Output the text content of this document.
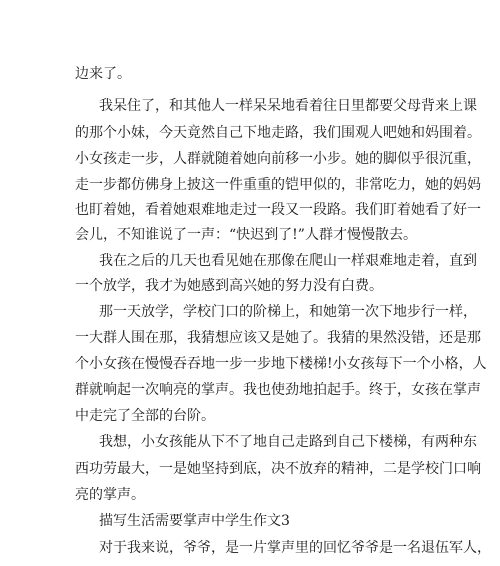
边来了。
我呆住了，和其他人一样呆呆地看着往日里都要父母背来上课
的那个小妹，今天竟然自己下地走路，我们围观人吧她和妈围着。
小女孩走一步，人群就随着她向前移一小步。她的脚似乎很沉重，
走一步都仿佛身上披这一件重重的铠甲似的，非常吃力，她的妈妈
也盯着她，看着她艰难地走过一段又一段路。我们盯着她看了好一
会儿，不知谁说了一声：“快迟到了!”人群才慢慢散去。
我在之后的几天也看见她在那像在爬山一样艰难地走着，直到
一个放学，我才为她感到高兴她的努力没有白费。
那一天放学，学校门口的阶梯上，和她第一次下地步行一样，
一大群人围在那，我猜想应该又是她了。我猜的果然没错，还是那
个小女孩在慢慢吞吞地一步一步地下楼梯!小女孩每下一个小格，人
群就响起一次响亮的掌声。我也使劲地拍起手。终于，女孩在掌声
中走完了全部的台阶。
我想，小女孩能从下不了地自己走路到自己下楼梯，有两种东
西功劳最大，一是她坚持到底，决不放弃的精神，二是学校门口响
亮的掌声。
描写生活需要掌声中学生作文3
对于我来说，爷爷，是一片掌声里的回忆爷爷是一名退伍军人，
